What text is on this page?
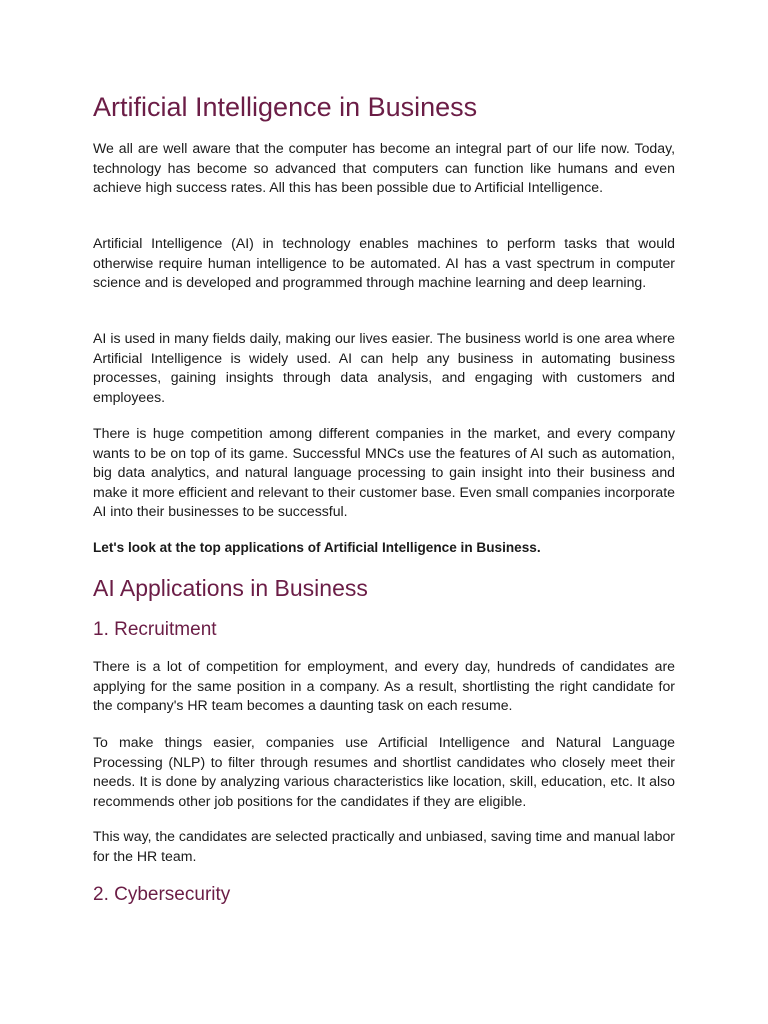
Artificial Intelligence in Business

We all are well aware that the computer has become an integral part of our life now. Today, technology has become so advanced that computers can function like humans and even achieve high success rates. All this has been possible due to Artificial Intelligence.

Artificial Intelligence (AI) in technology enables machines to perform tasks that would otherwise require human intelligence to be automated. AI has a vast spectrum in computer science and is developed and programmed through machine learning and deep learning.

AI is used in many fields daily, making our lives easier. The business world is one area where Artificial Intelligence is widely used. AI can help any business in automating business processes, gaining insights through data analysis, and engaging with customers and employees.

There is huge competition among different companies in the market, and every company wants to be on top of its game. Successful MNCs use the features of AI such as automation, big data analytics, and natural language processing to gain insight into their business and make it more efficient and relevant to their customer base. Even small companies incorporate AI into their businesses to be successful.

Let's look at the top applications of Artificial Intelligence in Business.

AI Applications in Business
1. Recruitment

There is a lot of competition for employment, and every day, hundreds of candidates are applying for the same position in a company. As a result, shortlisting the right candidate for the company's HR team becomes a daunting task on each resume.

To make things easier, companies use Artificial Intelligence and Natural Language Processing (NLP) to filter through resumes and shortlist candidates who closely meet their needs. It is done by analyzing various characteristics like location, skill, education, etc. It also recommends other job positions for the candidates if they are eligible.

This way, the candidates are selected practically and unbiased, saving time and manual labor for the HR team.

2. Cybersecurity
